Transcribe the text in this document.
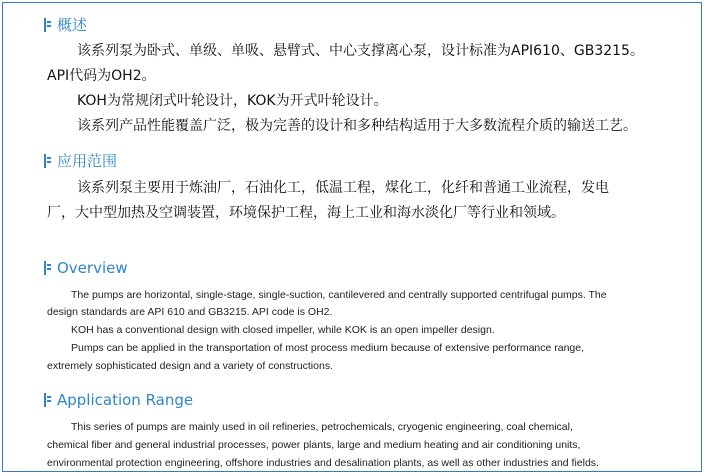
概述
该系列泵为卧式、单级、单吸、悬臂式、中心支撑离心泵，设计标准为API610、GB3215。
API代码为OH2。
KOH为常规闭式叶轮设计，KOK为开式叶轮设计。
该系列产品性能覆盖广泛，极为完善的设计和多种结构适用于大多数流程介质的输送工艺。
应用范围
该系列泵主要用于炼油厂，石油化工，低温工程，煤化工，化纤和普通工业流程，发电
厂，大中型加热及空调装置，环境保护工程，海上工业和海水淡化厂等行业和领域。
Overview
The pumps are horizontal, single-stage, single-suction, cantilevered and centrally supported centrifugal pumps. The
design standards are API 610 and GB3215. API code is OH2.
KOH has a conventional design with closed impeller, while KOK is an open impeller design.
Pumps can be applied in the transportation of most process medium because of extensive performance range,
extremely sophisticated design and a variety of constructions.
Application Range
This series of pumps are mainly used in oil refineries, petrochemicals, cryogenic engineering, coal chemical,
chemical fiber and general industrial processes, power plants, large and medium heating and air conditioning units,
environmental protection engineering, offshore industries and desalination plants, as well as other industries and fields.
